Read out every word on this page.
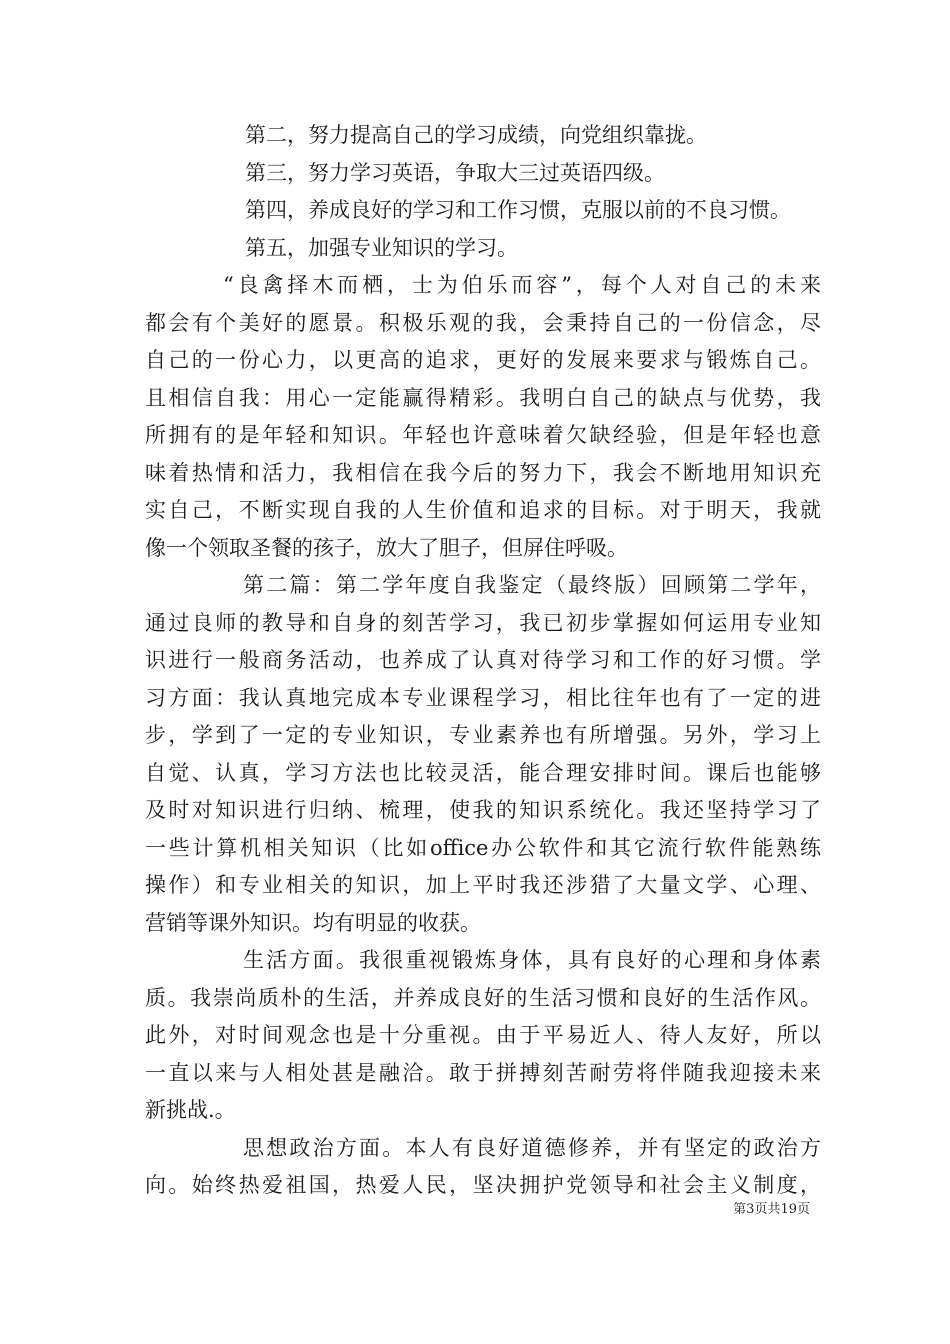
第二，努力提高自己的学习成绩，向党组织靠拢。
第三，努力学习英语，争取大三过英语四级。
第四，养成良好的学习和工作习惯，克服以前的不良习惯。
第五，加强专业知识的学习。
“良禽择木而栖，士为伯乐而容”，每个人对自己的未来
都会有个美好的愿景。积极乐观的我，会秉持自己的一份信念，尽
自己的一份心力，以更高的追求，更好的发展来要求与锻炼自己。
且相信自我：用心一定能赢得精彩。我明白自己的缺点与优势，我
所拥有的是年轻和知识。年轻也许意味着欠缺经验，但是年轻也意
味着热情和活力，我相信在我今后的努力下，我会不断地用知识充
实自己，不断实现自我的人生价值和追求的目标。对于明天，我就
像一个领取圣餐的孩子，放大了胆子，但屏住呼吸。
第二篇：第二学年度自我鉴定（最终版）回顾第二学年，
通过良师的教导和自身的刻苦学习，我已初步掌握如何运用专业知
识进行一般商务活动，也养成了认真对待学习和工作的好习惯。学
习方面：我认真地完成本专业课程学习，相比往年也有了一定的进
步，学到了一定的专业知识，专业素养也有所增强。另外，学习上
自觉、认真，学习方法也比较灵活，能合理安排时间。课后也能够
及时对知识进行归纳、梳理，使我的知识系统化。我还坚持学习了
一些计算机相关知识（比如office办公软件和其它流行软件能熟练
操作）和专业相关的知识，加上平时我还涉猎了大量文学、心理、
营销等课外知识。均有明显的收获。
生活方面。我很重视锻炼身体，具有良好的心理和身体素
质。我崇尚质朴的生活，并养成良好的生活习惯和良好的生活作风。
此外，对时间观念也是十分重视。由于平易近人、待人友好，所以
一直以来与人相处甚是融洽。敢于拼搏刻苦耐劳将伴随我迎接未来
新挑战.。
思想政治方面。本人有良好道德修养，并有坚定的政治方
向。始终热爱祖国，热爱人民，坚决拥护党领导和社会主义制度，
第3页共19页
